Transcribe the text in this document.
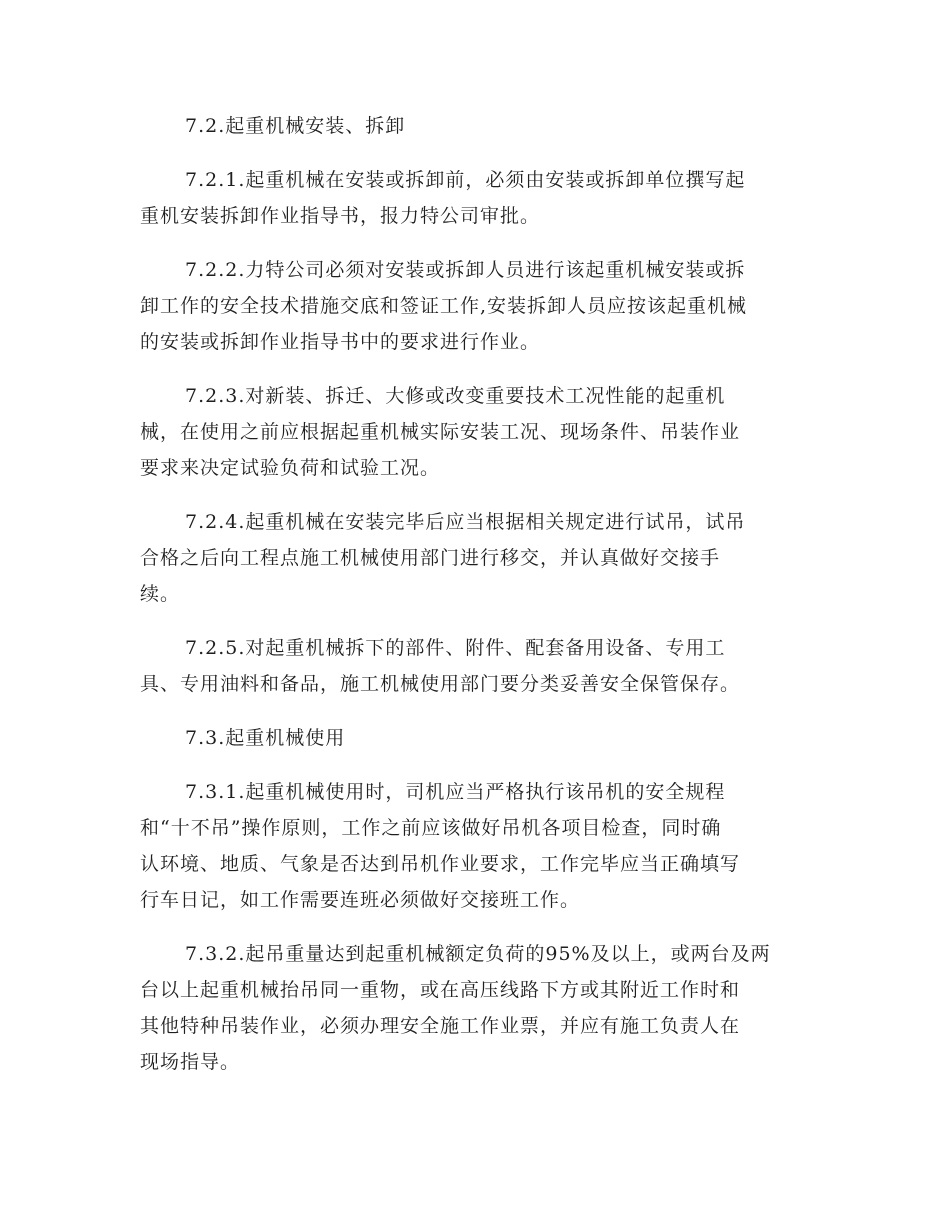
7.2.起重机械安装、拆卸

7.2.1.起重机械在安装或拆卸前，必须由安装或拆卸单位撰写起
重机安装拆卸作业指导书，报力特公司审批。

7.2.2.力特公司必须对安装或拆卸人员进行该起重机械安装或拆
卸工作的安全技术措施交底和签证工作,安装拆卸人员应按该起重机械
的安装或拆卸作业指导书中的要求进行作业。

7.2.3.对新装、拆迁、大修或改变重要技术工况性能的起重机
械，在使用之前应根据起重机械实际安装工况、现场条件、吊装作业
要求来决定试验负荷和试验工况。

7.2.4.起重机械在安装完毕后应当根据相关规定进行试吊，试吊
合格之后向工程点施工机械使用部门进行移交，并认真做好交接手
续。

7.2.5.对起重机械拆下的部件、附件、配套备用设备、专用工
具、专用油料和备品，施工机械使用部门要分类妥善安全保管保存。

7.3.起重机械使用

7.3.1.起重机械使用时，司机应当严格执行该吊机的安全规程
和“十不吊”操作原则，工作之前应该做好吊机各项目检查，同时确
认环境、地质、气象是否达到吊机作业要求，工作完毕应当正确填写
行车日记，如工作需要连班必须做好交接班工作。

7.3.2.起吊重量达到起重机械额定负荷的95%及以上，或两台及两
台以上起重机械抬吊同一重物，或在高压线路下方或其附近工作时和
其他特种吊装作业，必须办理安全施工作业票，并应有施工负责人在
现场指导。
